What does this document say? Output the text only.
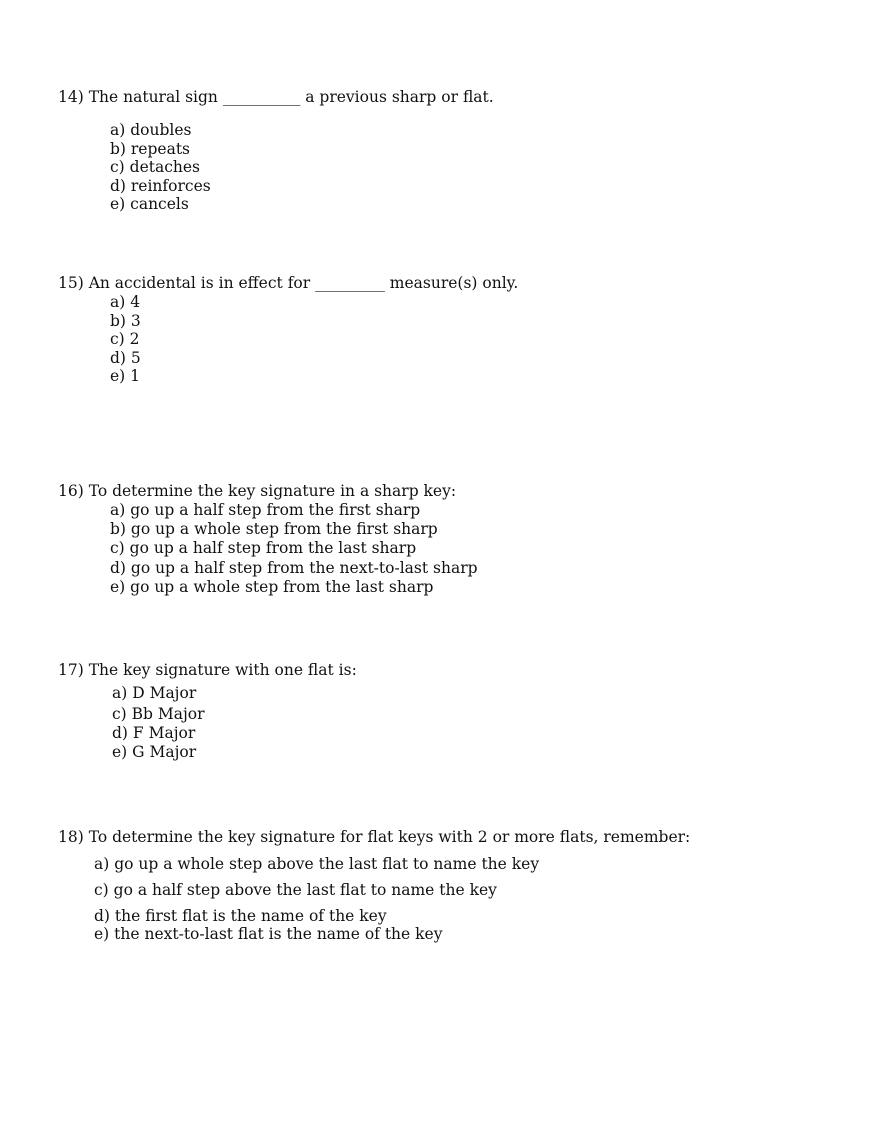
14) The natural sign __________ a previous sharp or flat.

a) doubles
b) repeats
c) detaches
d) reinforces
e) cancels

15) An accidental is in effect for _________ measure(s) only.

a) 4
b) 3
c) 2
d) 5
e) 1

16) To determine the key signature in a sharp key:

a) go up a half step from the first sharp
b) go up a whole step from the first sharp
c) go up a half step from the last sharp
d) go up a half step from the next-to-last sharp
e) go up a whole step from the last sharp

17) The key signature with one flat is:

a) D Major
c) Bb Major
d) F Major
e) G Major

18) To determine the key signature for flat keys with 2 or more flats, remember:

a) go up a whole step above the last flat to name the key
c) go a half step above the last flat to name the key
d) the first flat is the name of the key
e) the next-to-last flat is the name of the key
